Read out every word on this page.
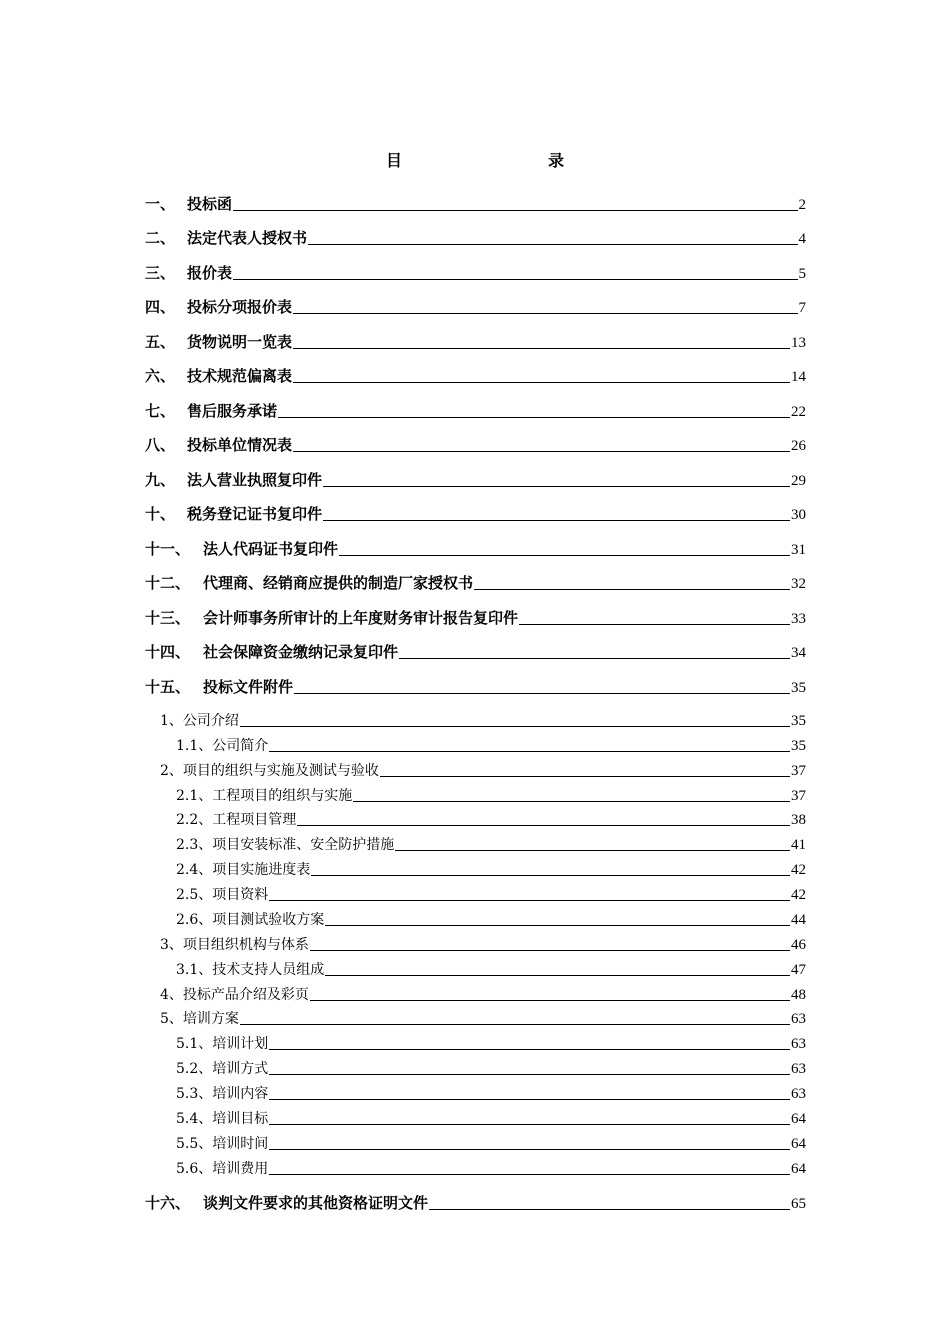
目　　录
一、 投标函	2
二、 法定代表人授权书	4
三、 报价表	5
四、 投标分项报价表	7
五、 货物说明一览表	13
六、 技术规范偏离表	14
七、 售后服务承诺	22
八、 投标单位情况表	26
九、 法人营业执照复印件	29
十、 税务登记证书复印件	30
十一、 法人代码证书复印件	31
十二、 代理商、经销商应提供的制造厂家授权书	32
十三、 会计师事务所审计的上年度财务审计报告复印件	33
十四、 社会保障资金缴纳记录复印件	34
十五、 投标文件附件	35
1、公司介绍	35
1.1、公司简介	35
2、项目的组织与实施及测试与验收	37
2.1、工程项目的组织与实施	37
2.2、工程项目管理	38
2.3、项目安装标准、安全防护措施	41
2.4、项目实施进度表	42
2.5、项目资料	42
2.6、项目测试验收方案	44
3、项目组织机构与体系	46
3.1、技术支持人员组成	47
4、投标产品介绍及彩页	48
5、培训方案	63
5.1、培训计划	63
5.2、培训方式	63
5.3、培训内容	63
5.4、培训目标	64
5.5、培训时间	64
5.6、培训费用	64
十六、 谈判文件要求的其他资格证明文件	65
